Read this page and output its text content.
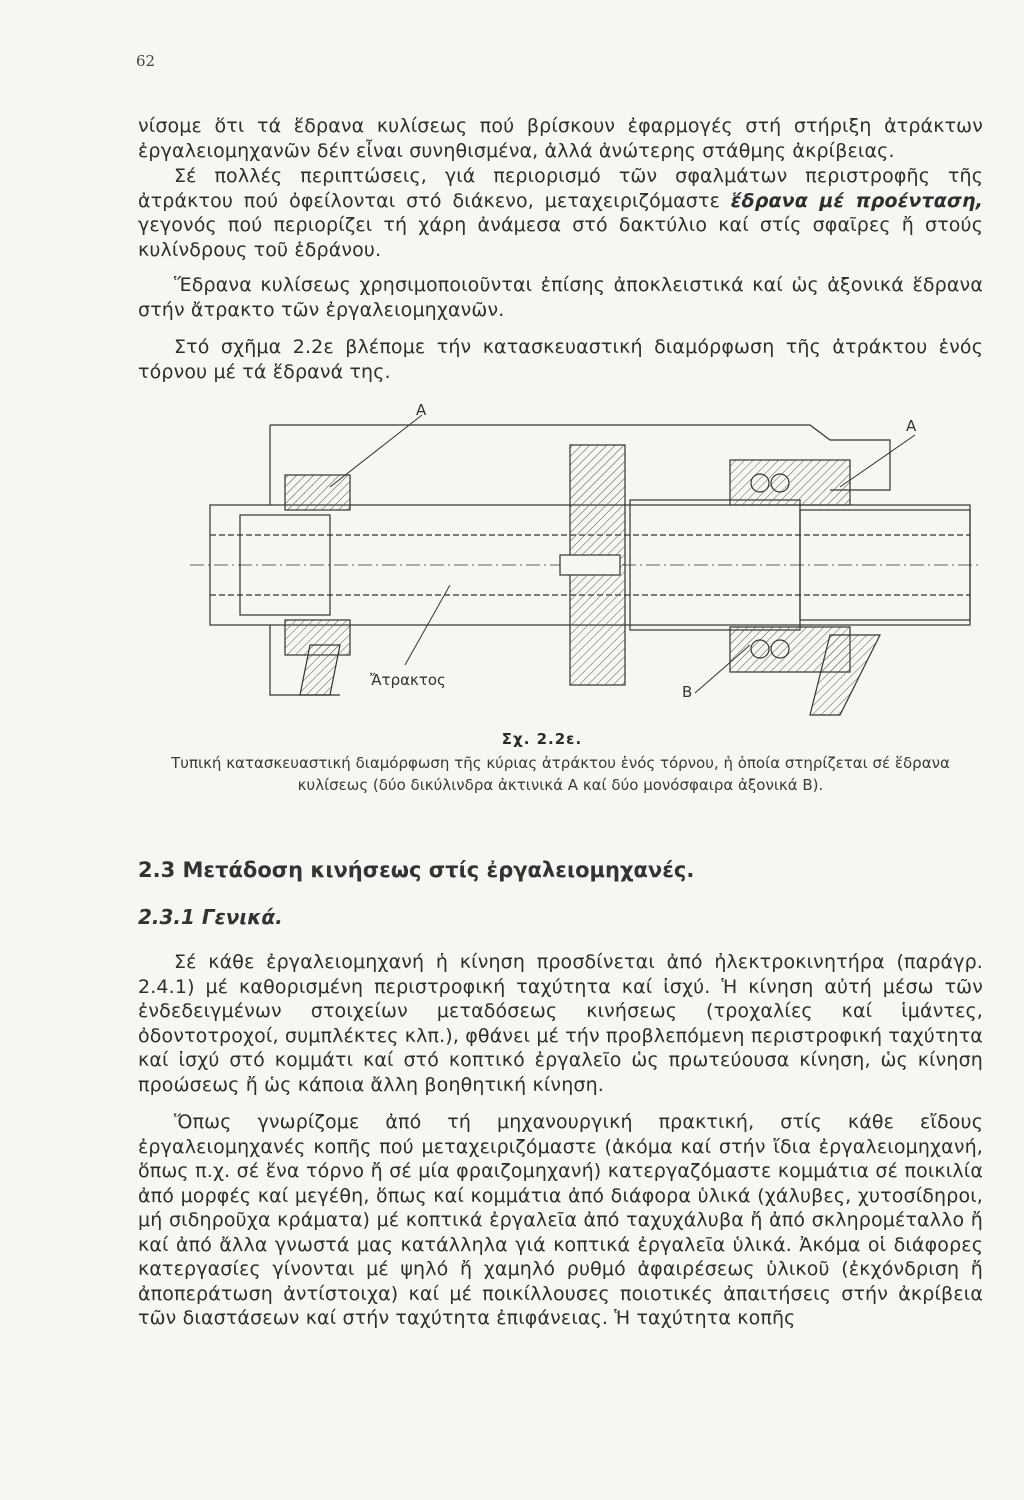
62

νίσομε ὅτι τά ἕδρανα κυλίσεως πού βρίσκουν ἐφαρμογές στή στήριξη ἀτράκτων ἐργαλειομηχανῶν δέν εἶναι συνηθισμένα, ἀλλά ἀνώτερης στάθμης ἀκρίβειας.

Σέ πολλές περιπτώσεις, γιά περιορισμό τῶν σφαλμάτων περιστροφῆς τῆς ἀτράκτου πού ὀφείλονται στό διάκενο, μεταχειριζόμαστε ἕδρανα μέ προένταση, γεγονός πού περιορίζει τή χάρη ἀνάμεσα στό δακτύλιο καί στίς σφαῖρες ἤ στούς κυλίνδρους τοῦ ἑδράνου.

Ἕδρανα κυλίσεως χρησιμοποιοῦνται ἐπίσης ἀποκλειστικά καί ὡς ἀξονικά ἕδρανα στήν ἄτρακτο τῶν ἐργαλειομηχανῶν.

Στό σχῆμα 2.2ε βλέπομε τήν κατασκευαστική διαμόρφωση τῆς ἀτράκτου ἑνός τόρνου μέ τά ἕδρανά της.

Α
Α
Β
Ἄτρακτος
Σχ. 2.2ε.
Τυπική κατασκευαστική διαμόρφωση τῆς κύριας ἀτράκτου ἑνός τόρνου, ἡ ὁποία στηρίζεται σέ ἕδρανα κυλίσεως (δύο δικύλινδρα ἀκτινικά Α καί δύο μονόσφαιρα ἀξονικά Β).
2.3 Μετάδοση κινήσεως στίς ἐργαλειομηχανές.
2.3.1 Γενικά.

Σέ κάθε ἐργαλειομηχανή ἡ κίνηση προσδίνεται ἀπό ἠλεκτροκινητήρα (παράγρ. 2.4.1) μέ καθορισμένη περιστροφική ταχύτητα καί ἰσχύ. Ἡ κίνηση αὐτή μέσω τῶν ἐνδεδειγμένων στοιχείων μεταδόσεως κινήσεως (τροχαλίες καί ἱμάντες, ὀδοντοτροχοί, συμπλέκτες κλπ.), φθάνει μέ τήν προβλεπόμενη περιστροφική ταχύτητα καί ἰσχύ στό κομμάτι καί στό κοπτικό ἐργαλεῖο ὡς πρωτεύουσα κίνηση, ὡς κίνηση προώσεως ἤ ὡς κάποια ἄλλη βοηθητική κίνηση.

Ὅπως γνωρίζομε ἀπό τή μηχανουργική πρακτική, στίς κάθε εἴδους ἐργαλειομηχανές κοπῆς πού μεταχειριζόμαστε (ἀκόμα καί στήν ἴδια ἐργαλειομηχανή, ὅπως π.χ. σέ ἕνα τόρνο ἤ σέ μία φραιζομηχανή) κατεργαζόμαστε κομμάτια σέ ποικιλία ἀπό μορφές καί μεγέθη, ὅπως καί κομμάτια ἀπό διάφορα ὑλικά (χάλυβες, χυτοσίδηροι, μή σιδηροῦχα κράματα) μέ κοπτικά ἐργαλεῖα ἀπό ταχυχάλυβα ἤ ἀπό σκληρομέταλλο ἤ καί ἀπό ἄλλα γνωστά μας κατάλληλα γιά κοπτικά ἐργαλεῖα ὑλικά. Ἀκόμα οἱ διάφορες κατεργασίες γίνονται μέ ψηλό ἤ χαμηλό ρυθμό ἀφαιρέσεως ὑλικοῦ (ἐκχόνδριση ἤ ἀποπεράτωση ἀντίστοιχα) καί μέ ποικίλλουσες ποιοτικές ἀπαιτήσεις στήν ἀκρίβεια τῶν διαστάσεων καί στήν ταχύτητα ἐπιφάνειας. Ἡ ταχύτητα κοπῆς
